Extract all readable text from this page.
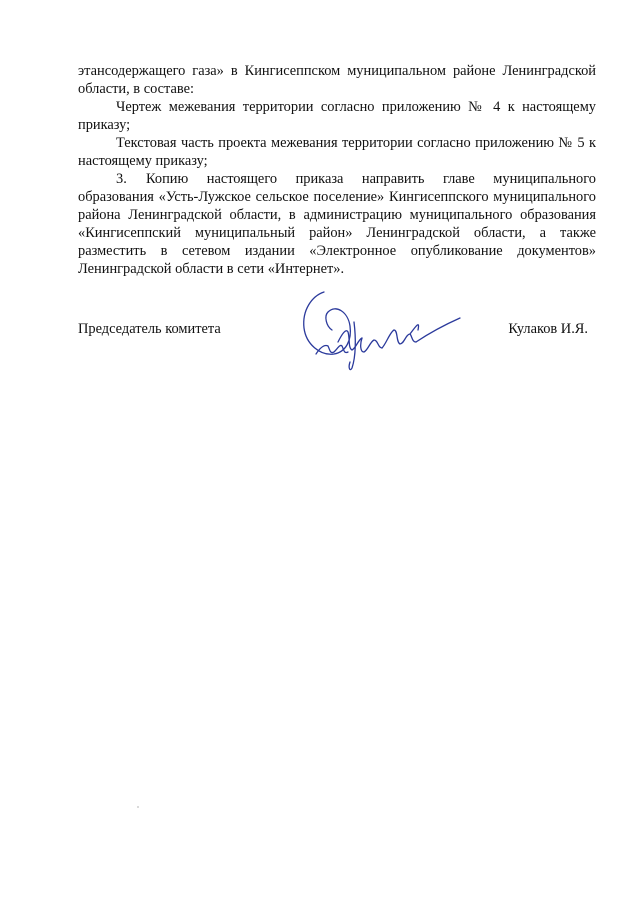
этансодержащего газа» в Кингисеппском муниципальном районе Ленинградской области, в составе:

Чертеж межевания территории согласно приложению № 4 к настоящему приказу;

Текстовая часть проекта межевания территории согласно приложению № 5 к настоящему приказу;

3. Копию настоящего приказа направить главе муниципального образования «Усть-Лужское сельское поселение» Кингисеппского муниципального района Ленинградской области, в администрацию муниципального образования «Кингисеппский муниципальный район» Ленинградской области, а также разместить в сетевом издании «Электронное опубликование документов» Ленинградской области в сети «Интернет».

Председатель комитета	Кулаков И.Я.
